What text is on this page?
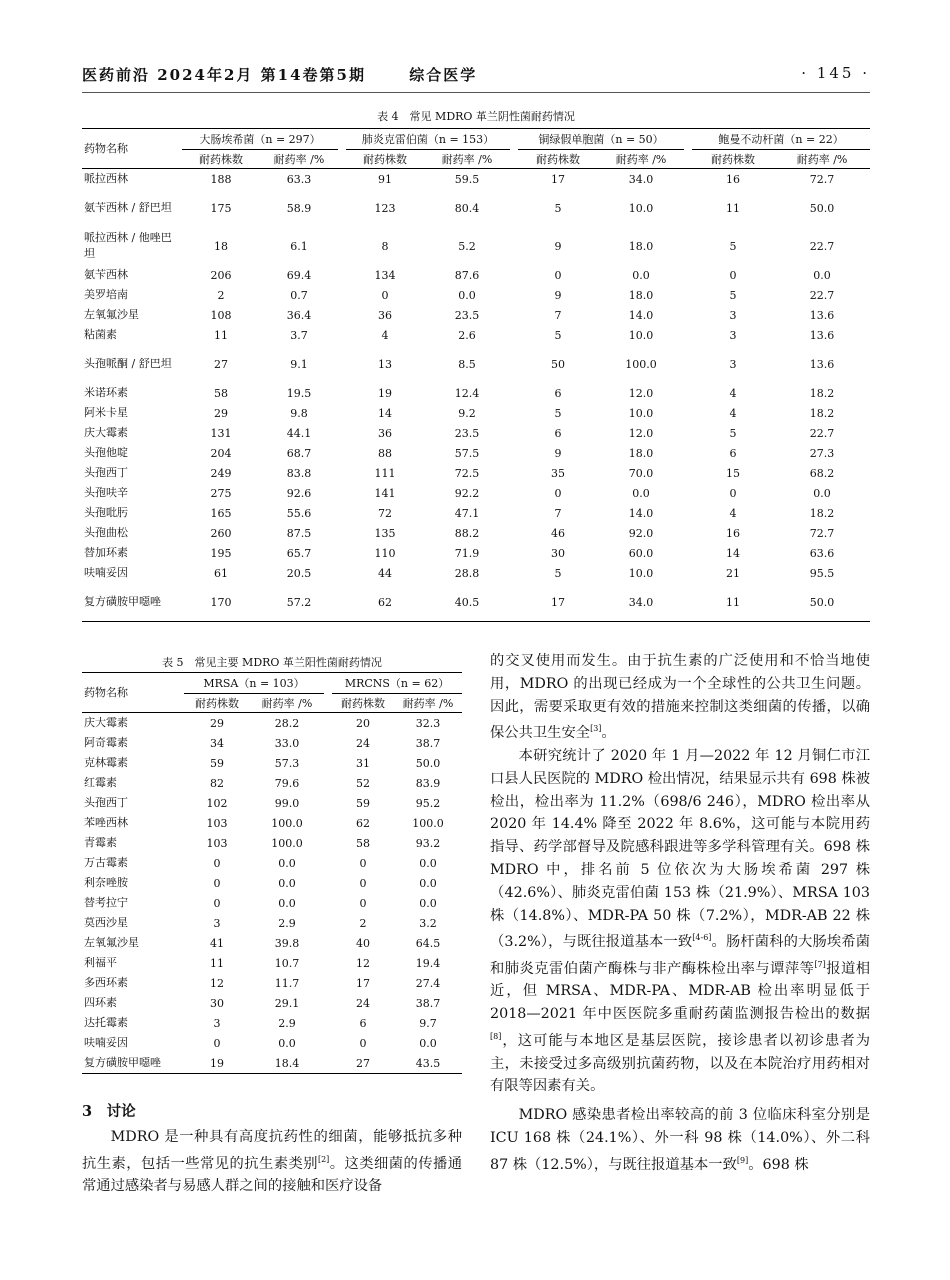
医药前沿 2024年2月 第14卷第5期	综合医学	· 145 ·
表 4　常见 MDRO 革兰阴性菌耐药情况
药物名称	大肠埃希菌（n = 297）			肺炎克雷伯菌（n = 153）			铜绿假单胞菌（n = 50）			鲍曼不动杆菌（n = 22）	
	耐药株数	耐药率 /%		耐药株数	耐药率 /%		耐药株数	耐药率 /%		耐药株数	耐药率 /%
哌拉西林	188	63.3		91	59.5		17	34.0		16	72.7
氨苄西林 / 舒巴坦	175	58.9		123	80.4		5	10.0		11	50.0
哌拉西林 / 他唑巴坦	18	6.1		8	5.2		9	18.0		5	22.7
氨苄西林	206	69.4		134	87.6		0	0.0		0	0.0
美罗培南	2	0.7		0	0.0		9	18.0		5	22.7
左氧氟沙星	108	36.4		36	23.5		7	14.0		3	13.6
粘菌素	11	3.7		4	2.6		5	10.0		3	13.6
头孢哌酮 / 舒巴坦	27	9.1		13	8.5		50	100.0		3	13.6
米诺环素	58	19.5		19	12.4		6	12.0		4	18.2
阿米卡星	29	9.8		14	9.2		5	10.0		4	18.2
庆大霉素	131	44.1		36	23.5		6	12.0		5	22.7
头孢他啶	204	68.7		88	57.5		9	18.0		6	27.3
头孢西丁	249	83.8		111	72.5		35	70.0		15	68.2
头孢呋辛	275	92.6		141	92.2		0	0.0		0	0.0
头孢吡肟	165	55.6		72	47.1		7	14.0		4	18.2
头孢曲松	260	87.5		135	88.2		46	92.0		16	72.7
替加环素	195	65.7		110	71.9		30	60.0		14	63.6
呋喃妥因	61	20.5		44	28.8		5	10.0		21	95.5
复方磺胺甲噁唑	170	57.2		62	40.5		17	34.0		11	50.0
表 5　常见主要 MDRO 革兰阳性菌耐药情况
药物名称	MRSA（n = 103）			MRCNS（n = 62）	
	耐药株数	耐药率 /%		耐药株数	耐药率 /%
庆大霉素	29	28.2		20	32.3
阿奇霉素	34	33.0		24	38.7
克林霉素	59	57.3		31	50.0
红霉素	82	79.6		52	83.9
头孢西丁	102	99.0		59	95.2
苯唑西林	103	100.0		62	100.0
青霉素	103	100.0		58	93.2
万古霉素	0	0.0		0	0.0
利奈唑胺	0	0.0		0	0.0
替考拉宁	0	0.0		0	0.0
莫西沙星	3	2.9		2	3.2
左氧氟沙星	41	39.8		40	64.5
利福平	11	10.7		12	19.4
多西环素	12	11.7		17	27.4
四环素	30	29.1		24	38.7
达托霉素	3	2.9		6	9.7
呋喃妥因	0	0.0		0	0.0
复方磺胺甲噁唑	19	18.4		27	43.5
3　讨论

MDRO 是一种具有高度抗药性的细菌，能够抵抗多种抗生素，包括一些常见的抗生素类别[2]。这类细菌的传播通常通过感染者与易感人群之间的接触和医疗设备

的交叉使用而发生。由于抗生素的广泛使用和不恰当地使用，MDRO 的出现已经成为一个全球性的公共卫生问题。因此，需要采取更有效的措施来控制这类细菌的传播，以确保公共卫生安全[3]。

本研究统计了 2020 年 1 月—2022 年 12 月铜仁市江口县人民医院的 MDRO 检出情况，结果显示共有 698 株被检出，检出率为 11.2%（698/6 246），MDRO 检出率从 2020 年 14.4% 降至 2022 年 8.6%，这可能与本院用药指导、药学部督导及院感科跟进等多学科管理有关。698 株 MDRO 中，排名前 5 位依次为大肠埃希菌 297 株（42.6%）、肺炎克雷伯菌 153 株（21.9%）、MRSA 103 株（14.8%）、MDR-PA 50 株（7.2%），MDR-AB 22 株（3.2%），与既往报道基本一致[4-6]。肠杆菌科的大肠埃希菌和肺炎克雷伯菌产酶株与非产酶株检出率与谭萍等[7]报道相近，但 MRSA、MDR-PA、MDR-AB 检出率明显低于 2018—2021 年中医医院多重耐药菌监测报告检出的数据[8]，这可能与本地区是基层医院，接诊患者以初诊患者为主，未接受过多高级别抗菌药物，以及在本院治疗用药相对有限等因素有关。

MDRO 感染患者检出率较高的前 3 位临床科室分别是 ICU 168 株（24.1%）、外一科 98 株（14.0%）、外二科 87 株（12.5%），与既往报道基本一致[9]。698 株
